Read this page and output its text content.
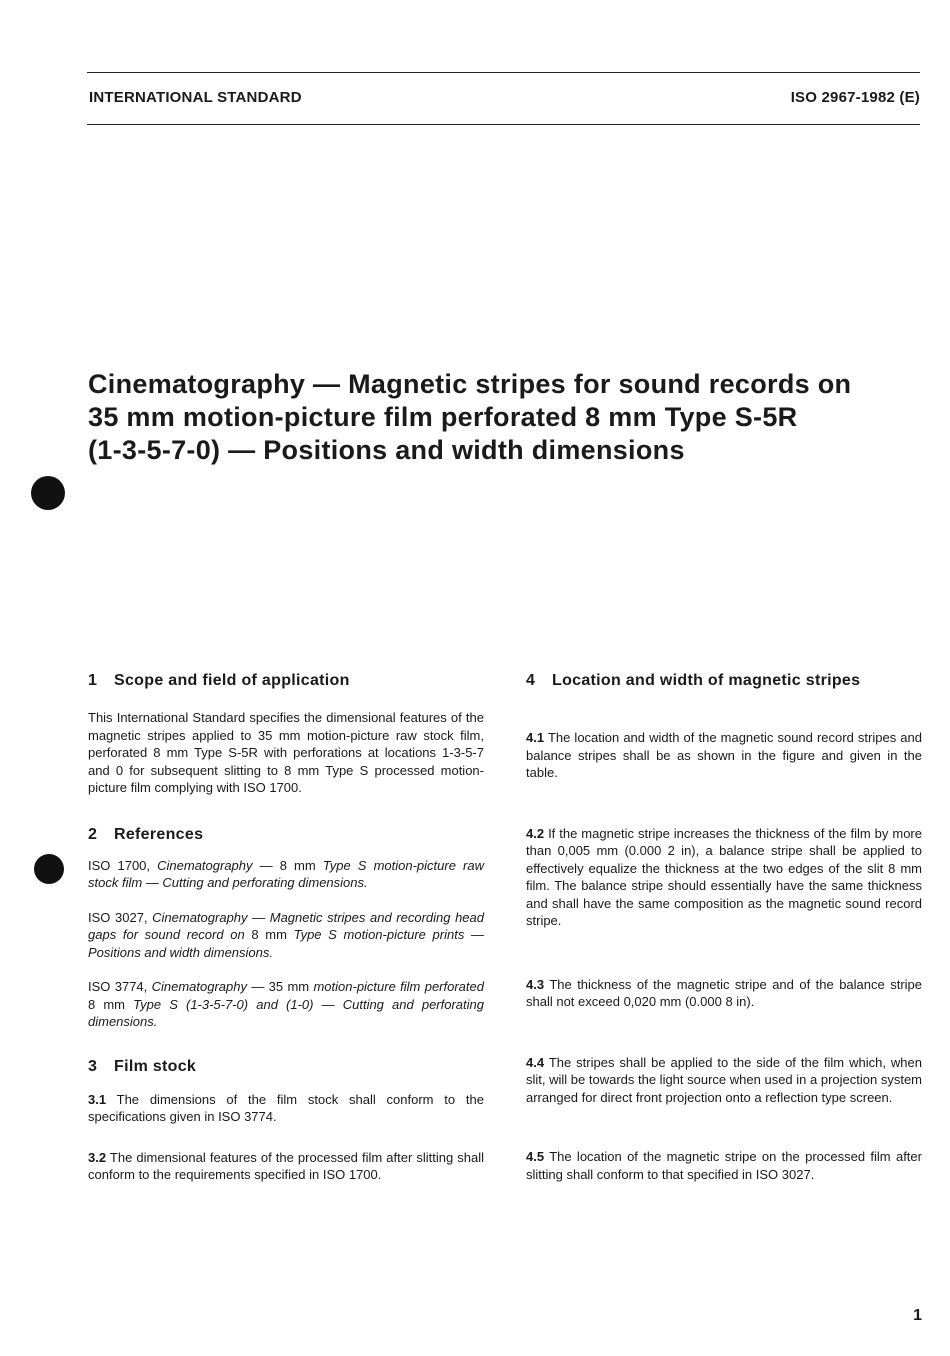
INTERNATIONAL STANDARD	ISO 2967-1982 (E)
Cinematography — Magnetic stripes for sound records on
35 mm motion-picture film perforated 8 mm Type S-5R
(1-3-5-7-0) — Positions and width dimensions
1 Scope and field of application

This International Standard specifies the dimensional features of the magnetic stripes applied to 35 mm motion-picture raw stock film, perforated 8 mm Type S-5R with perforations at locations 1-3-5-7 and 0 for subsequent slitting to 8 mm Type S processed motion-picture film complying with ISO 1700.

2 References

ISO 1700, Cinematography — 8 mm Type S motion-picture raw stock film — Cutting and perforating dimensions.

ISO 3027, Cinematography — Magnetic stripes and recording head gaps for sound record on 8 mm Type S motion-picture prints — Positions and width dimensions.

ISO 3774, Cinematography — 35 mm motion-picture film perforated 8 mm Type S (1-3-5-7-0) and (1-0) — Cutting and perforating dimensions.

3 Film stock

3.1 The dimensions of the film stock shall conform to the specifications given in ISO 3774.

3.2 The dimensional features of the processed film after slitting shall conform to the requirements specified in ISO 1700.

4 Location and width of magnetic stripes

4.1 The location and width of the magnetic sound record stripes and balance stripes shall be as shown in the figure and given in the table.

4.2 If the magnetic stripe increases the thickness of the film by more than 0,005 mm (0.000 2 in), a balance stripe shall be applied to effectively equalize the thickness at the two edges of the slit 8 mm film. The balance stripe should essentially have the same thickness and shall have the same composition as the magnetic sound record stripe.

4.3 The thickness of the magnetic stripe and of the balance stripe shall not exceed 0,020 mm (0.000 8 in).

4.4 The stripes shall be applied to the side of the film which, when slit, will be towards the light source when used in a projection system arranged for direct front projection onto a reflection type screen.

4.5 The location of the magnetic stripe on the processed film after slitting shall conform to that specified in ISO 3027.

1
